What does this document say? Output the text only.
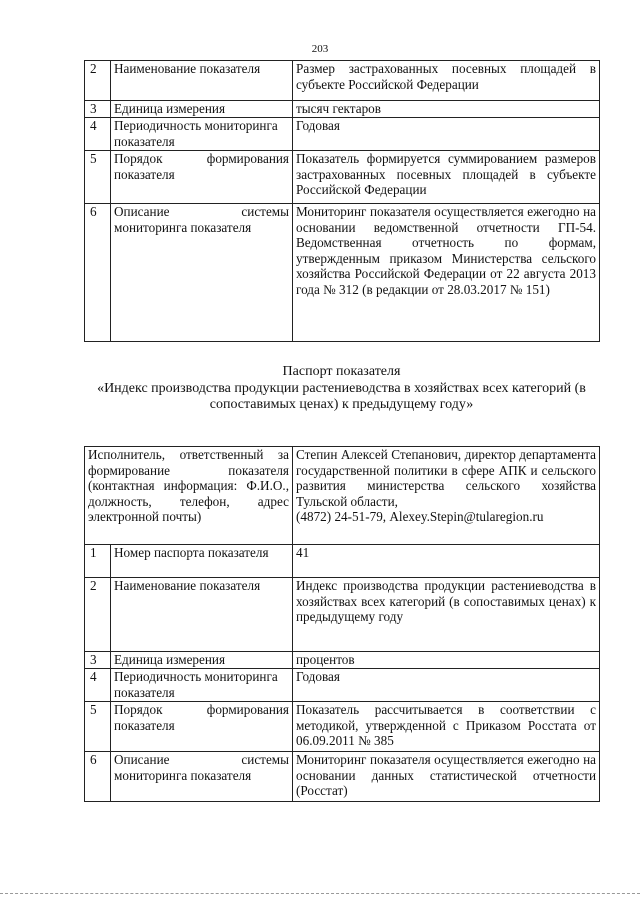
203
2	Наименование показателя	Размер застрахованных посевных площадей в субъекте Российской Федерации
3	Единица измерения	тысяч гектаров
4	Периодичность мониторинга показателя	Годовая
5	Порядок формирования показателя	Показатель формируется суммированием размеров застрахованных посевных площадей в субъекте Российской Федерации
6	Описание системы мониторинга показателя	Мониторинг показателя осуществляется ежегодно на основании ведомственной отчетности ГП-54. Ведомственная отчетность по формам, утвержденным приказом Министерства сельского хозяйства Российской Федерации от 22 августа 2013 года № 312 (в редакции от 28.03.2017 № 151)
Паспорт показателя
«Индекс производства продукции растениеводства в хозяйствах всех категорий (в сопоставимых ценах) к предыдущему году»
Исполнитель, ответственный за формирование показателя (контактная информация: Ф.И.О., должность, телефон, адрес электронной почты)		Степин Алексей Степанович, директор департамента государственной политики в сфере АПК и сельского развития министерства сельского хозяйства Тульской области,
(4872) 24-51-79, Alexey.Stepin@tularegion.ru
1	Номер паспорта показателя	41
2	Наименование показателя	Индекс производства продукции растениеводства в хозяйствах всех категорий (в сопоставимых ценах) к предыдущему году
3	Единица измерения	процентов
4	Периодичность мониторинга показателя	Годовая
5	Порядок формирования показателя	Показатель рассчитывается в соответствии с методикой, утвержденной с Приказом Росстата от 06.09.2011 № 385
6	Описание системы мониторинга показателя	Мониторинг показателя осуществляется ежегодно на основании данных статистической отчетности (Росстат)
